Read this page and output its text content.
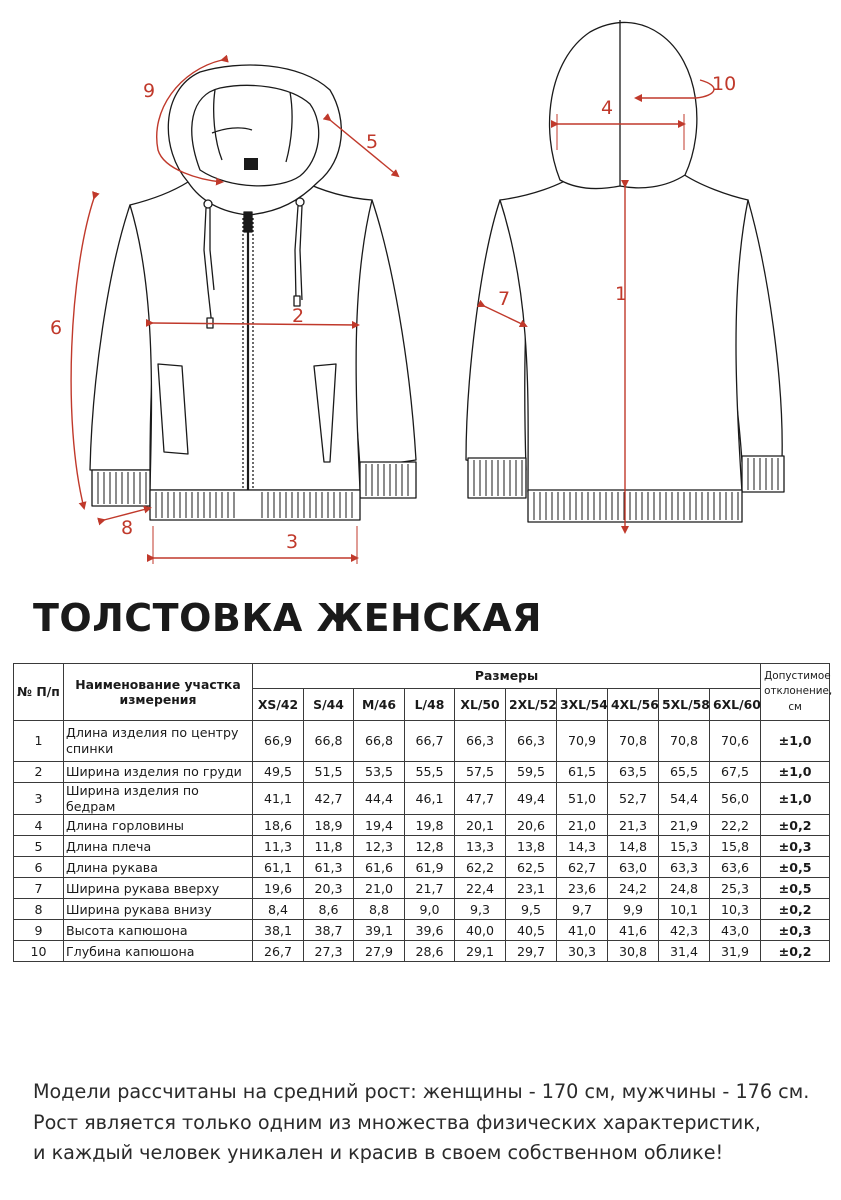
9
5
6
2
8
3
10
4
7	1
ТОЛСТОВКА ЖЕНСКАЯ
№ П/п	Наименование участка измерения	Размеры										Допустимое отклонение, см
		XS/42	S/44	M/46	L/48	XL/50	2XL/52	3XL/54	4XL/56	5XL/58	6XL/60	
1	Длина изделия по центру спинки	66,9	66,8	66,8	66,7	66,3	66,3	70,9	70,8	70,8	70,6	±1,0
2	Ширина изделия по груди	49,5	51,5	53,5	55,5	57,5	59,5	61,5	63,5	65,5	67,5	±1,0
3	Ширина изделия по бедрам	41,1	42,7	44,4	46,1	47,7	49,4	51,0	52,7	54,4	56,0	±1,0
4	Длина горловины	18,6	18,9	19,4	19,8	20,1	20,6	21,0	21,3	21,9	22,2	±0,2
5	Длина плеча	11,3	11,8	12,3	12,8	13,3	13,8	14,3	14,8	15,3	15,8	±0,3
6	Длина рукава	61,1	61,3	61,6	61,9	62,2	62,5	62,7	63,0	63,3	63,6	±0,5
7	Ширина рукава вверху	19,6	20,3	21,0	21,7	22,4	23,1	23,6	24,2	24,8	25,3	±0,5
8	Ширина рукава внизу	8,4	8,6	8,8	9,0	9,3	9,5	9,7	9,9	10,1	10,3	±0,2
9	Высота капюшона	38,1	38,7	39,1	39,6	40,0	40,5	41,0	41,6	42,3	43,0	±0,3
10	Глубина капюшона	26,7	27,3	27,9	28,6	29,1	29,7	30,3	30,8	31,4	31,9	±0,2
Модели рассчитаны на средний рост: женщины - 170 см, мужчины - 176 см.
Рост является только одним из множества физических характеристик,
и каждый человек уникален и красив в своем собственном облике!
